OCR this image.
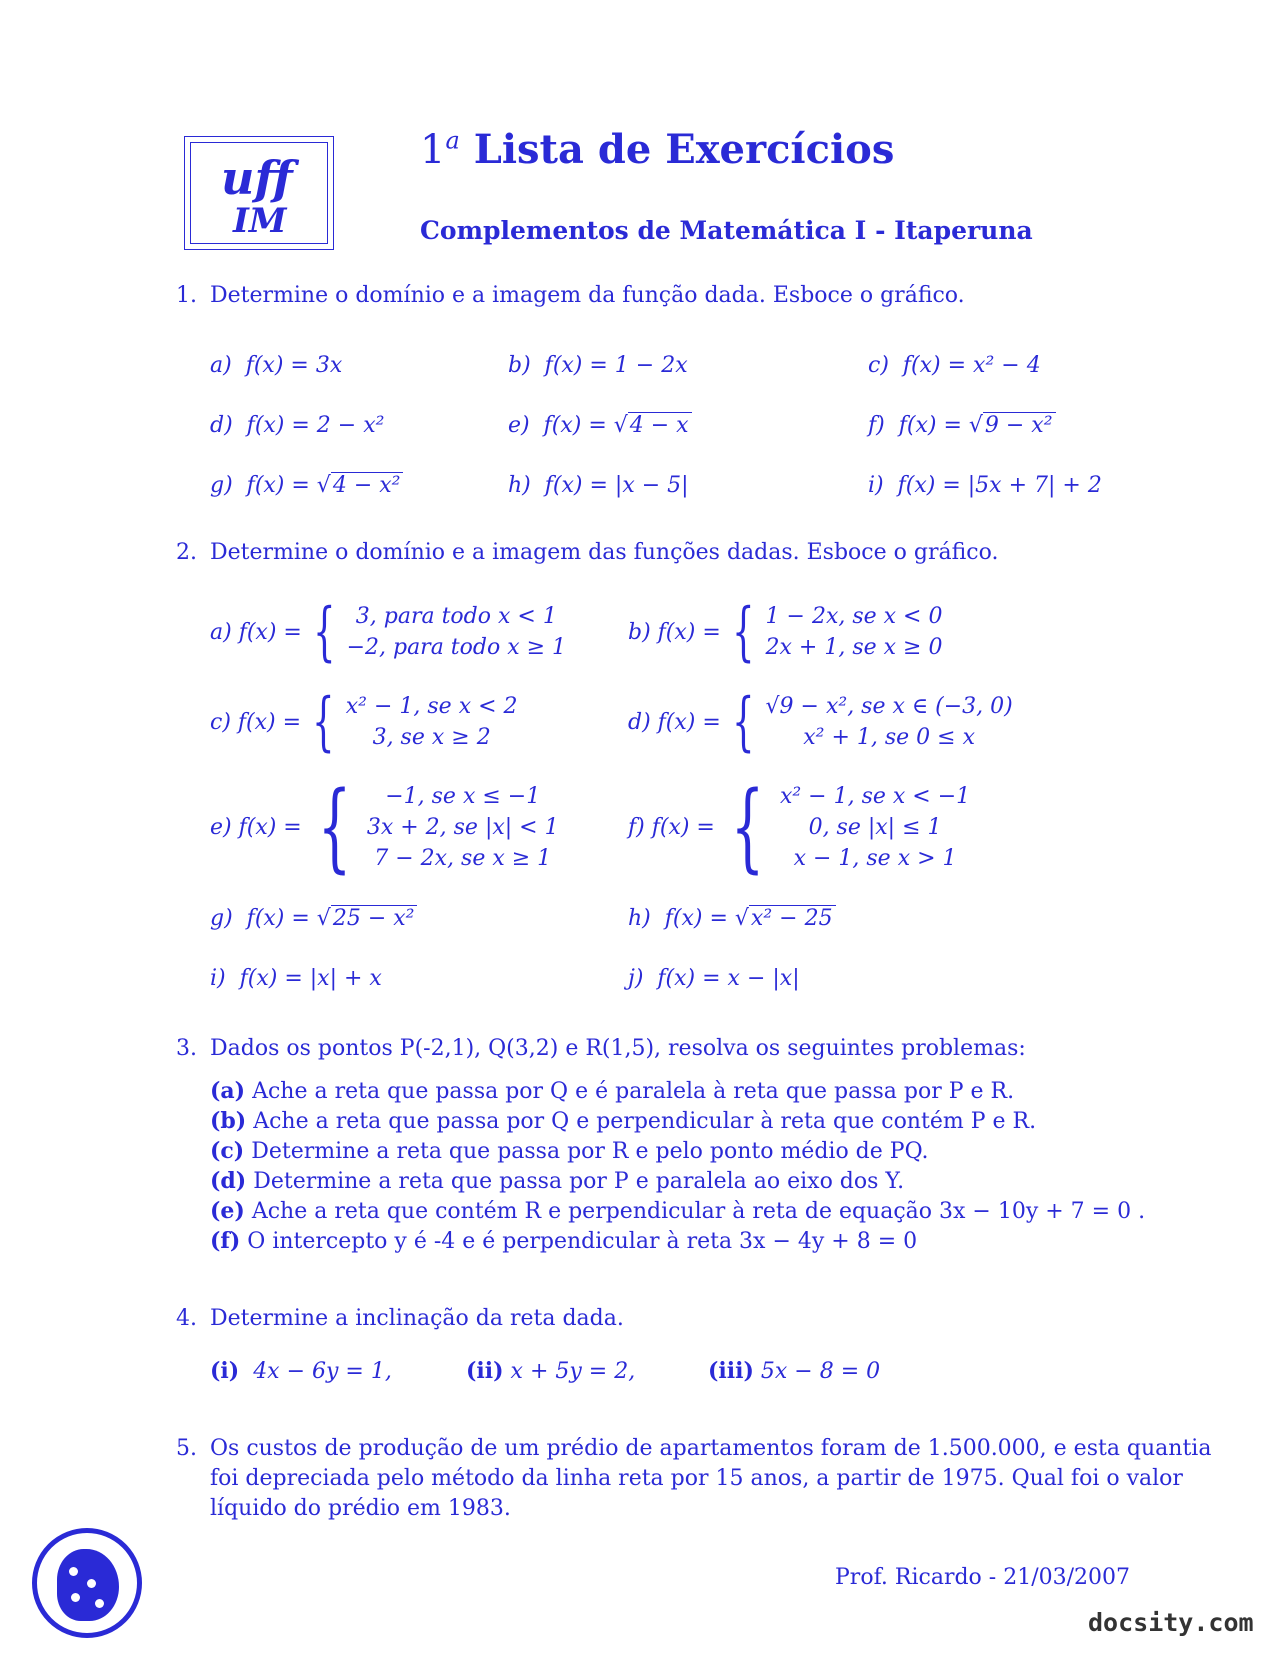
uff
IM
1$^a$ Lista de Exercícios
Complementos de Matemática I - Itaperuna
1. Determine o domínio e a imagem da função dada. Esboce o gráfico.
a) f(x) = 3x	b) f(x) = 1 − 2x	c) f(x) = x² − 4
d) f(x) = 2 − x²	e) f(x) = √4 − x	f) f(x) = √9 − x²
g) f(x) = √4 − x²	h) f(x) = |x − 5|	i) f(x) = |5x + 7| + 2
2. Determine o domínio e a imagem das funções dadas. Esboce o gráfico.
a) f(x) = { 3, para todo x < 1
−2, para todo x ≥ 1
b) f(x) = { 1 − 2x, se x < 0
2x + 1, se x ≥ 0
c) f(x) = { x² − 1, se x < 2
3, se x ≥ 2
d) f(x) = { √9 − x², se x ∈ (−3, 0)
x² + 1, se 0 ≤ x
e) f(x) = {	−1, se x ≤ −1
3x + 2, se |x| < 1
7 − 2x, se x ≥ 1
f) f(x) = { x² − 1, se x < −1
0, se |x| ≤ 1
x − 1, se x > 1
g) f(x) = √25 − x²	h) f(x) = √x² − 25
i) f(x) = |x| + x	j) f(x) = x − |x|
3. Dados os pontos P(-2,1), Q(3,2) e R(1,5), resolva os seguintes problemas:
(a) Ache a reta que passa por Q e é paralela à reta que passa por P e R.
(b) Ache a reta que passa por Q e perpendicular à reta que contém P e R.
(c) Determine a reta que passa por R e pelo ponto médio de PQ.
(d) Determine a reta que passa por P e paralela ao eixo dos Y.
(e) Ache a reta que contém R e perpendicular à reta de equação 3x − 10y + 7 = 0 .
(f) O intercepto y é -4 e é perpendicular à reta 3x − 4y + 8 = 0
4. Determine a inclinação da reta dada.
(i) 4x − 6y = 1,	(ii) x + 5y = 2,	(iii) 5x − 8 = 0
5. Os custos de produção de um prédio de apartamentos foram de 1.500.000, e esta quantia
foi depreciada pelo método da linha reta por 15 anos, a partir de 1975. Qual foi o valor
líquido do prédio em 1983.
Prof. Ricardo - 21/03/2007
docsity.com
